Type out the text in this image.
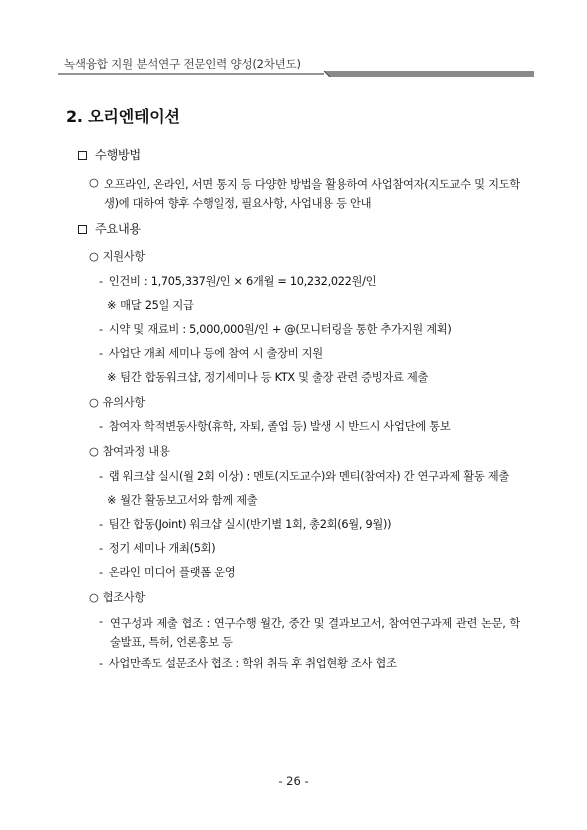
녹색융합 지원 분석연구 전문인력 양성(2차년도)
2. 오리엔테이션
수행방법
○ 오프라인, 온라인, 서면 통지 등 다양한 방법을 활용하여 사업참여자(지도교수 및 지도학생)에 대하여 향후 수행일정, 필요사항, 사업내용 등 안내
주요내용
○ 지원사항
- 인건비 : 1,705,337원/인 × 6개월 = 10,232,022원/인
※ 매달 25일 지급
- 시약 및 재료비 : 5,000,000원/인 + @(모니터링을 통한 추가지원 계획)
- 사업단 개최 세미나 등에 참여 시 출장비 지원
※ 팀간 합동워크샵, 정기세미나 등 KTX 및 출장 관련 증빙자료 제출
○ 유의사항
- 참여자 학적변동사항(휴학, 자퇴, 졸업 등) 발생 시 반드시 사업단에 통보
○ 참여과정 내용
- 랩 워크샵 실시(월 2회 이상) : 멘토(지도교수)와 멘티(참여자) 간 연구과제 활동 제출
※ 월간 활동보고서와 함께 제출
- 팀간 합동(Joint) 워크샵 실시(반기별 1회, 총2회(6월, 9월))
- 정기 세미나 개최(5회)
- 온라인 미디어 플랫폼 운영
○ 협조사항
- 연구성과 제출 협조 : 연구수행 월간, 중간 및 결과보고서, 참여연구과제 관련 논문, 학술발표, 특허, 언론홍보 등
- 사업만족도 설문조사 협조 : 학위 취득 후 취업현황 조사 협조
- 26 -
